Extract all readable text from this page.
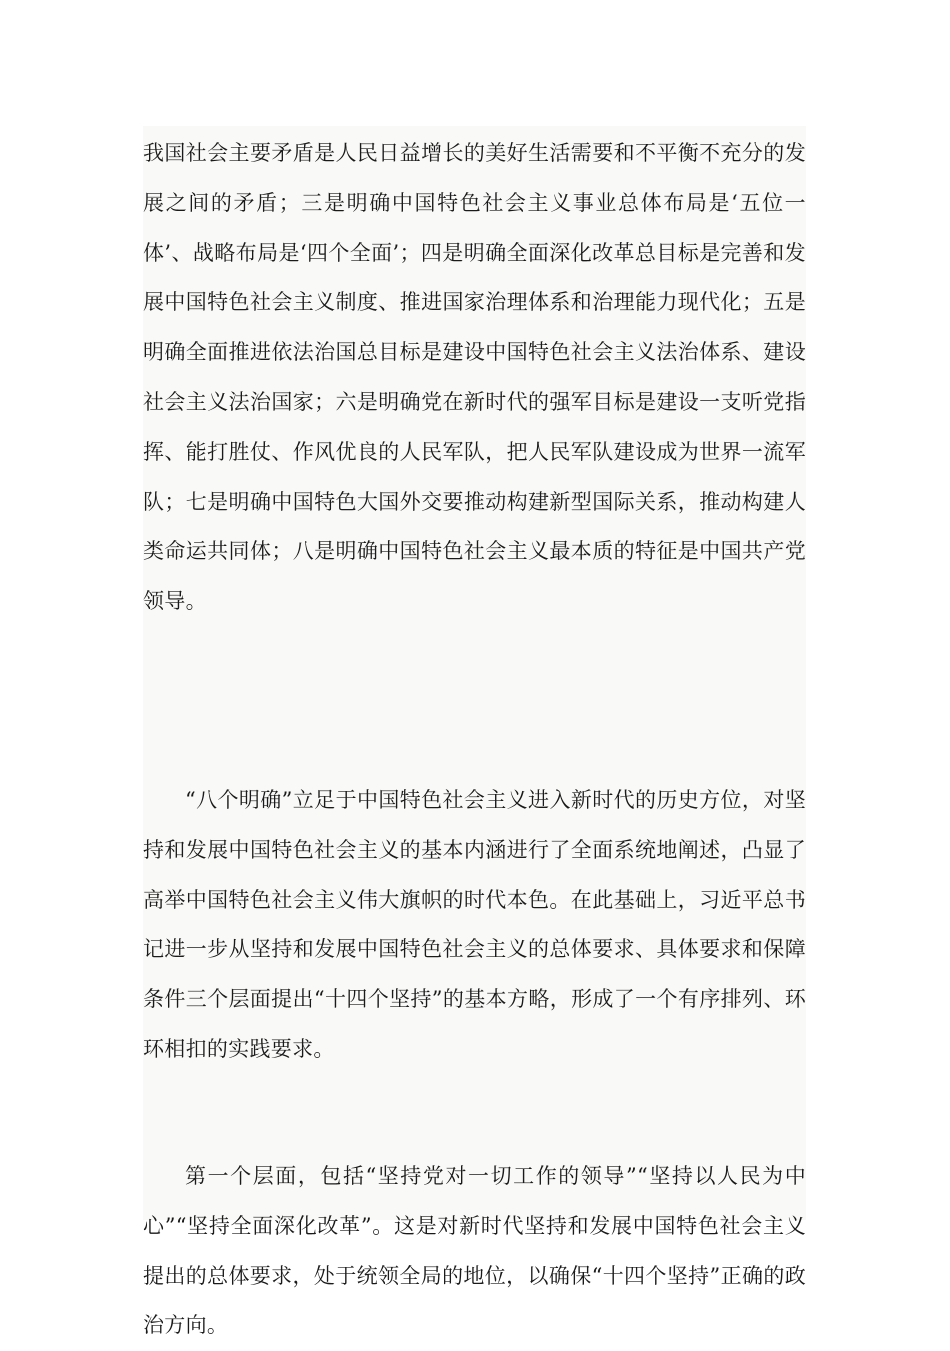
我国社会主要矛盾是人民日益增长的美好生活需要和不平衡不充分的发展之间的矛盾；三是明确中国特色社会主义事业总体布局是‘五位一体’、战略布局是‘四个全面’；四是明确全面深化改革总目标是完善和发展中国特色社会主义制度、推进国家治理体系和治理能力现代化；五是明确全面推进依法治国总目标是建设中国特色社会主义法治体系、建设社会主义法治国家；六是明确党在新时代的强军目标是建设一支听党指挥、能打胜仗、作风优良的人民军队，把人民军队建设成为世界一流军队；七是明确中国特色大国外交要推动构建新型国际关系，推动构建人类命运共同体；八是明确中国特色社会主义最本质的特征是中国共产党领导。

“八个明确”立足于中国特色社会主义进入新时代的历史方位，对坚持和发展中国特色社会主义的基本内涵进行了全面系统地阐述，凸显了高举中国特色社会主义伟大旗帜的时代本色。在此基础上，习近平总书记进一步从坚持和发展中国特色社会主义的总体要求、具体要求和保障条件三个层面提出“十四个坚持”的基本方略，形成了一个有序排列、环环相扣的实践要求。

第一个层面，包括“坚持党对一切工作的领导”“坚持以人民为中心”“坚持全面深化改革”。这是对新时代坚持和发展中国特色社会主义提出的总体要求，处于统领全局的地位，以确保“十四个坚持”正确的政治方向。
